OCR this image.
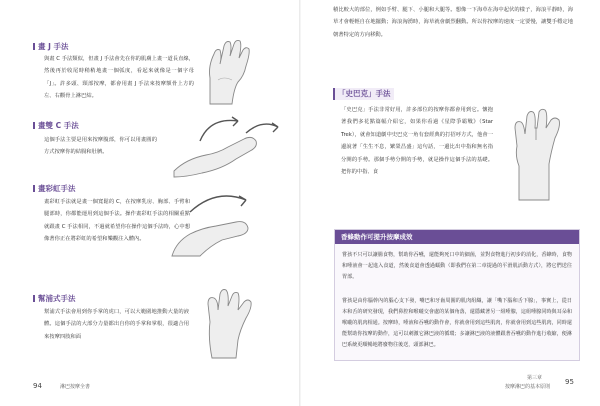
畫 J 手法
與畫 C 手法類似，但畫 J 手法會先在你的肌膚上畫一道長直線，然後再於收尾時稍稍地畫一個弧度，看起來就像是一個字母「J」。許多頭、頸部按摩，都會用畫 J 手法來按摩額骨上方的左、右顴骨上淋巴結。
畫雙 C 手法
這個手法主要是用來按摩腹部，你可以用畫圓的方式按摩你的結腸和肚臍。
畫彩虹手法
畫彩虹手法就是畫一個寬鬆的 C，在按摩乳房、胸部、手臂和腿部時，你都能運用到這個手法。操作畫彩虹手法的相關重點就跟畫 C 手法相同，不過就希望你在操作這個手法時，心中想像著你正在將彩虹的希望和樂觀注入體內。
幫浦式手法
幫浦式手法會用到你手掌的虎口，可以大範圍地推動大量的液體。這個手法的大部分力量都出自你的手掌和掌根，很適合用來按摩四肢和面
94	淋巴按摩全書
積比較大的部位，例如手臂、腿下、小腿和大腿等。想像一下海草在海中起伏的樣子，海浪平靜時，海草才會輕輕自在地擺動；海浪洶湧時，海草就會劇烈翻動。所以你按摩的速度一定要慢，讓雙手穩定地朝著特定的方向移動。
「史巴克」手法
「史巴克」手法非常好用，許多部位的按摩你都會用到它。懷抱著我們多花點篇幅介紹它，如果你看過《星際爭霸戰》（Star Trek），就會知道劇中史巴克一角有套經典的打招呼方式，他會一邊說著「生生不息，繁榮昌盛」這句話，一邊比出中指和無名指分開的手勢。那個手勢分開的手勢，就是操作這個手法的基礎。把你的中指、食
香蜂動作可提升按摩成效
嘗孩不只可以讓腸食物，幫助你吞嚥，還能夠死口中的細菌，並對食物進行初步的消化，香蜂時，食物和唾液會一起進入食道，然後食道會透過蠕動（即我們在第二章提過的平滑肌活動方式），將它們送往胃部。
嘗孩是由你腦幹內的腦心支下發，嘴巴和牙齒周圍的肌肉組織，讓「嘴下腦和舌下腺」，事實上，從日本和舌的研究發現，我們鼻腔和喉嚨交會處的某個角落，還隱藏著另一組唾腺，這組唾腺同時與耳朵和喉嚨的肌肉相通。按摩時，唾液和吞嚥的動作會，你就會用到這些肌肉，你就會用到這些肌肉，同時還能幫助你按摩的動作，這可以刺激它淋巴液的循環；多讓淋巴液的液體跟著吞嚥的動作進行收縮，便淋巴系統更順暢地將廢物往後送，頭部淋巴。
第三章
按摩淋巴的基本原則
95
